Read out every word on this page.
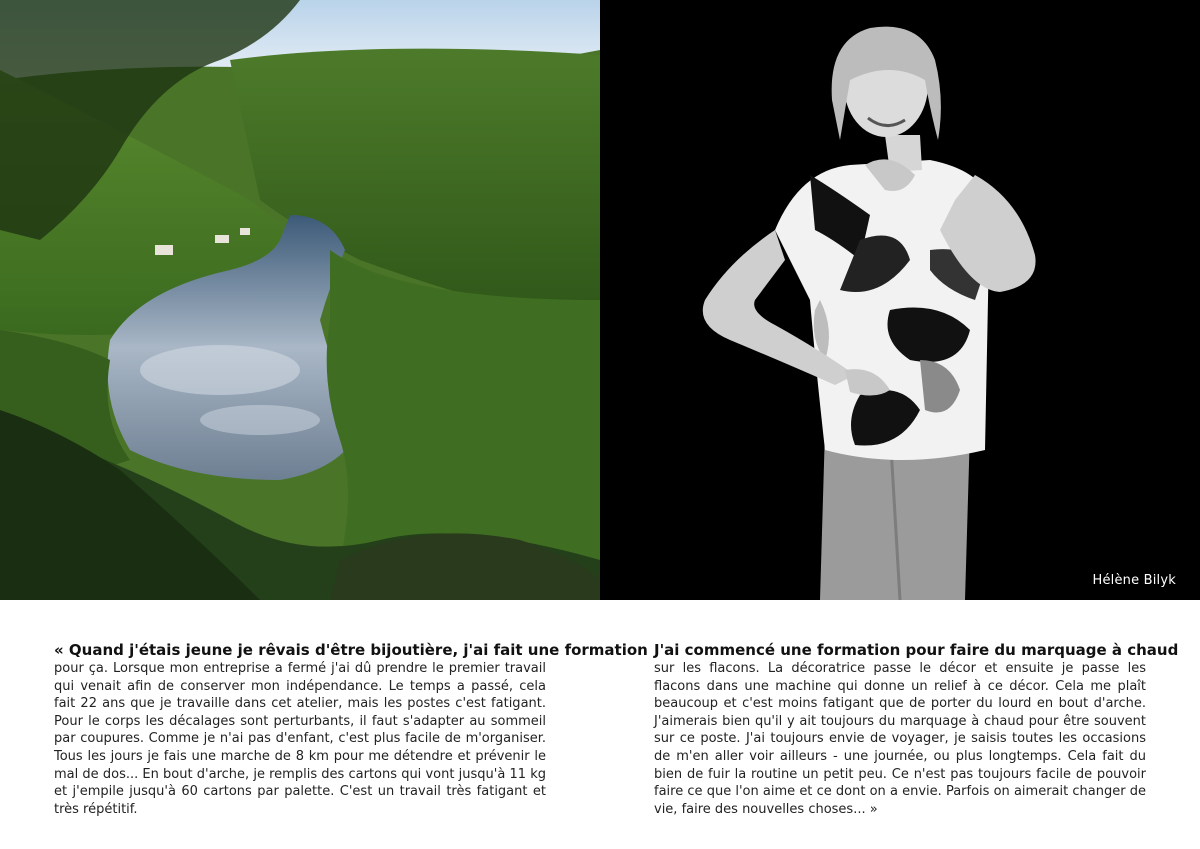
Hélène Bilyk
« Quand j'étais jeune je rêvais d'être bijoutière, j'ai fait une formation
pour ça. Lorsque mon entreprise a fermé j'ai dû prendre le premier travail qui venait afin de conserver mon indépendance. Le temps a passé, cela fait 22 ans que je travaille dans cet atelier, mais les postes c'est fatigant. Pour le corps les décalages sont perturbants, il faut s'adapter au sommeil par coupures. Comme je n'ai pas d'enfant, c'est plus facile de m'organiser. Tous les jours je fais une marche de 8 km pour me détendre et prévenir le mal de dos... En bout d'arche, je remplis des cartons qui vont jusqu'à 11 kg et j'empile jusqu'à 60 cartons par palette. C'est un travail très fatigant et très répétitif.
J'ai commencé une formation pour faire du marquage à chaud
sur les flacons. La décoratrice passe le décor et ensuite je passe les flacons dans une machine qui donne un relief à ce décor. Cela me plaît beaucoup et c'est moins fatigant que de porter du lourd en bout d'arche. J'aimerais bien qu'il y ait toujours du marquage à chaud pour être souvent sur ce poste. J'ai toujours envie de voyager, je saisis toutes les occasions de m'en aller voir ailleurs - une journée, ou plus longtemps. Cela fait du bien de fuir la routine un petit peu. Ce n'est pas toujours facile de pouvoir faire ce que l'on aime et ce dont on a envie. Parfois on aimerait changer de vie, faire des nouvelles choses... »
